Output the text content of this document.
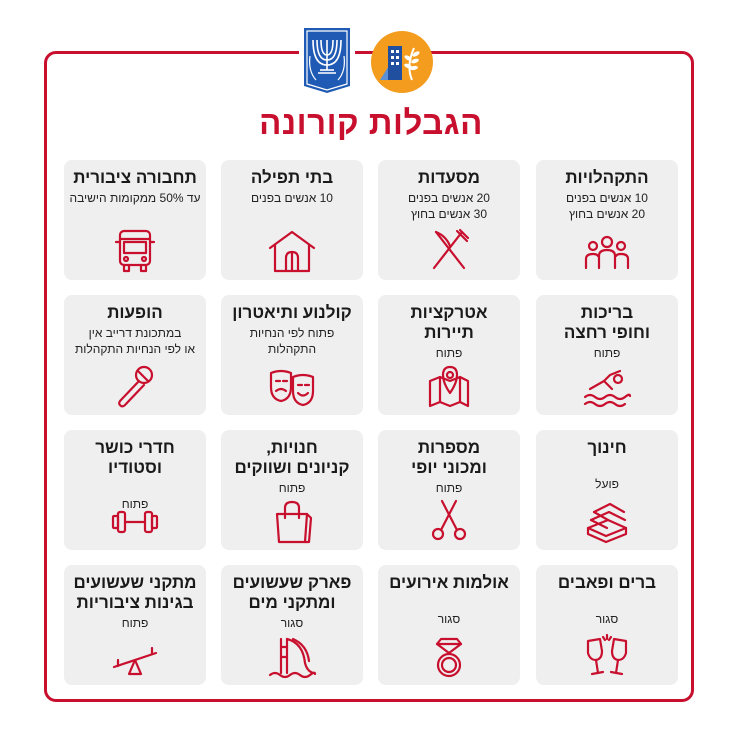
הגבלות קורונה
התקהלויות

10 אנשים בפנים
20 אנשים בחוץ

מסעדות

20 אנשים בפנים
30 אנשים בחוץ

בתי תפילה

10 אנשים בפנים

תחבורה ציבורית

עד 50% ממקומות הישיבה

בריכות
וחופי רחצה

פתוח

אטרקציות
תיירות

פתוח

קולנוע ותיאטרון

פתוח לפי הנחיות
התקהלות

הופעות

במתכונת דרייב אין
או לפי הנחיות התקהלות

חינוך

פועל

מספרות
ומכוני יופי

פתוח

חנויות,
קניונים ושווקים

פתוח

חדרי כושר וסטודיו

פתוח

ברים ופאבים

סגור

אולמות אירועים

סגור

פארק שעשועים
ומתקני מים

סגור

מתקני שעשועים
בגינות ציבוריות

פתוח
